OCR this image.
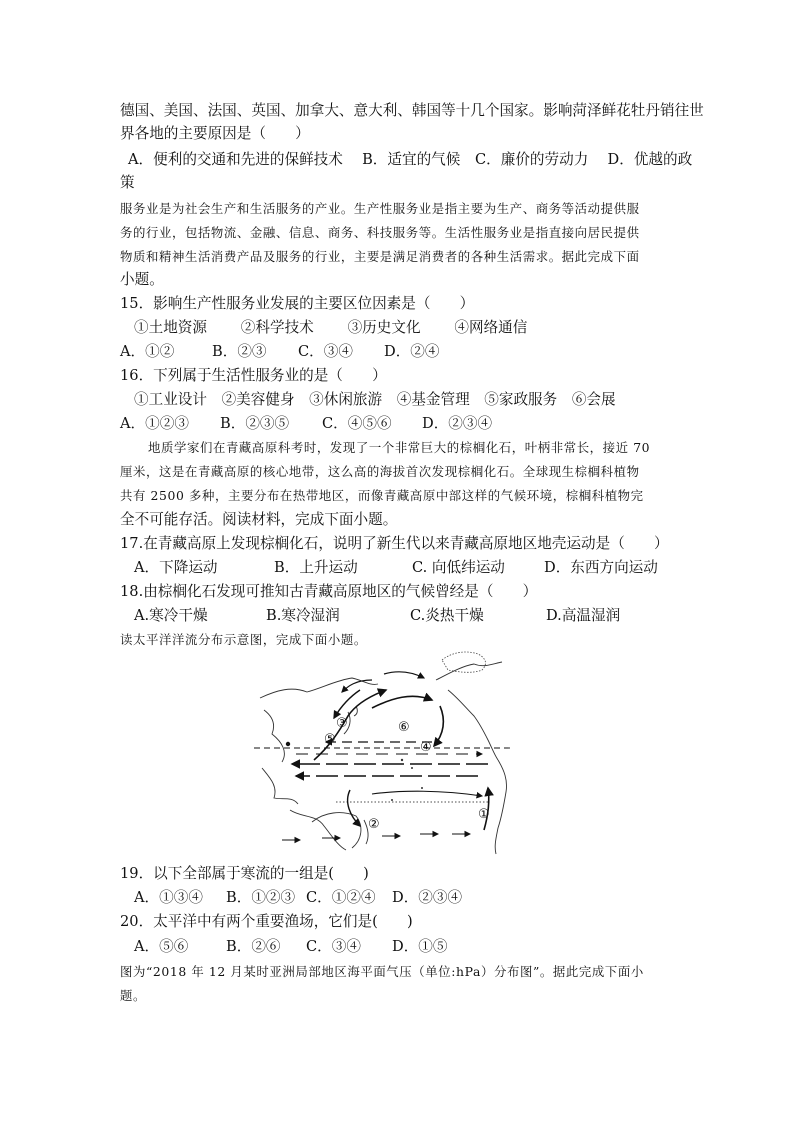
德国、美国、法国、英国、加拿大、意大利、韩国等十几个国家。影响菏泽鲜花牡丹销往世
界各地的主要原因是（　　）
A．便利的交通和先进的保鲜技术　 B．适宜的气候　C．廉价的劳动力　 D．优越的政
策
服务业是为社会生产和生活服务的产业。生产性服务业是指主要为生产、商务等活动提供服
务的行业，包括物流、金融、信息、商务、科技服务等。生活性服务业是指直接向居民提供
物质和精神生活消费产品及服务的行业，主要是满足消费者的各种生活需求。据此完成下面
小题。
15．影响生产性服务业发展的主要区位因素是（　　）
①土地资源　　 ②科学技术　　 ③历史文化　　 ④网络通信
A．①②	B．②③ C．③④ D．②④
16．下列属于生活性服务业的是（　　）
①工业设计　②美容健身　③休闲旅游　④基金管理　⑤家政服务　⑥会展
A．①②③ B．②③⑤ C．④⑤⑥ D．②③④
地质学家们在青藏高原科考时，发现了一个非常巨大的棕榈化石，叶柄非常长，接近 70
厘米，这是在青藏高原的核心地带，这么高的海拔首次发现棕榈化石。全球现生棕榈科植物
共有 2500 多种，主要分布在热带地区，而像青藏高原中部这样的气候环境，棕榈科植物完
全不可能存活。阅读材料，完成下面小题。
17.在青藏高原上发现棕榈化石，说明了新生代以来青藏高原地区地壳运动是（　　）
A．下降运动	B．上升运动	C. 向低纬运动	D．东西方向运动
18.由棕榈化石发现可推知古青藏高原地区的气候曾经是（　　）
A.寒冷干燥	B.寒冷湿润	C.炎热干燥	D.高温湿润
读太平洋洋流分布示意图，完成下面小题。
①
②
③
④
⑤
⑥
19．以下全部属于寒流的一组是(　　)
A．①③④ B．①②③ C．①②④ D．②③④
20．太平洋中有两个重要渔场，它们是(　　)
A．⑤⑥	B．②⑥ C．③④ D．①⑤
图为“2018 年 12 月某时亚洲局部地区海平面气压（单位:hPa）分布图”。据此完成下面小
题。
